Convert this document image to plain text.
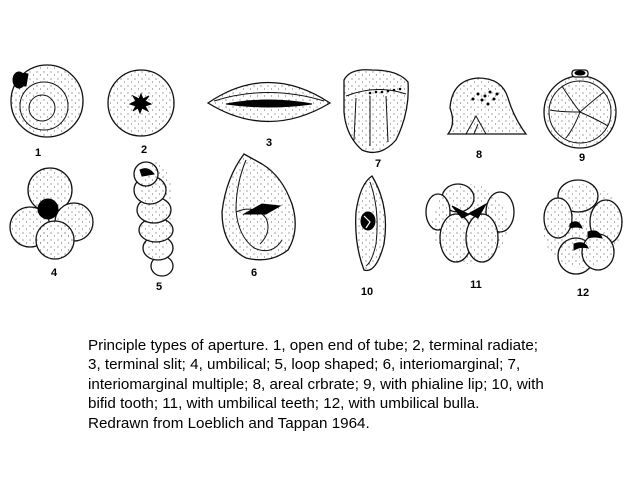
1	2
3
7
8	9
4
5
6
10
11
12
Principle types of aperture. 1, open end of tube; 2, terminal radiate;
3, terminal slit; 4, umbilical; 5, loop shaped; 6, interiomarginal; 7,
interiomarginal multiple; 8, areal crbrate; 9, with phialine lip; 10, with
bifid tooth; 11, with umbilical teeth; 12, with umbilical bulla.
Redrawn from Loeblich and Tappan 1964.
